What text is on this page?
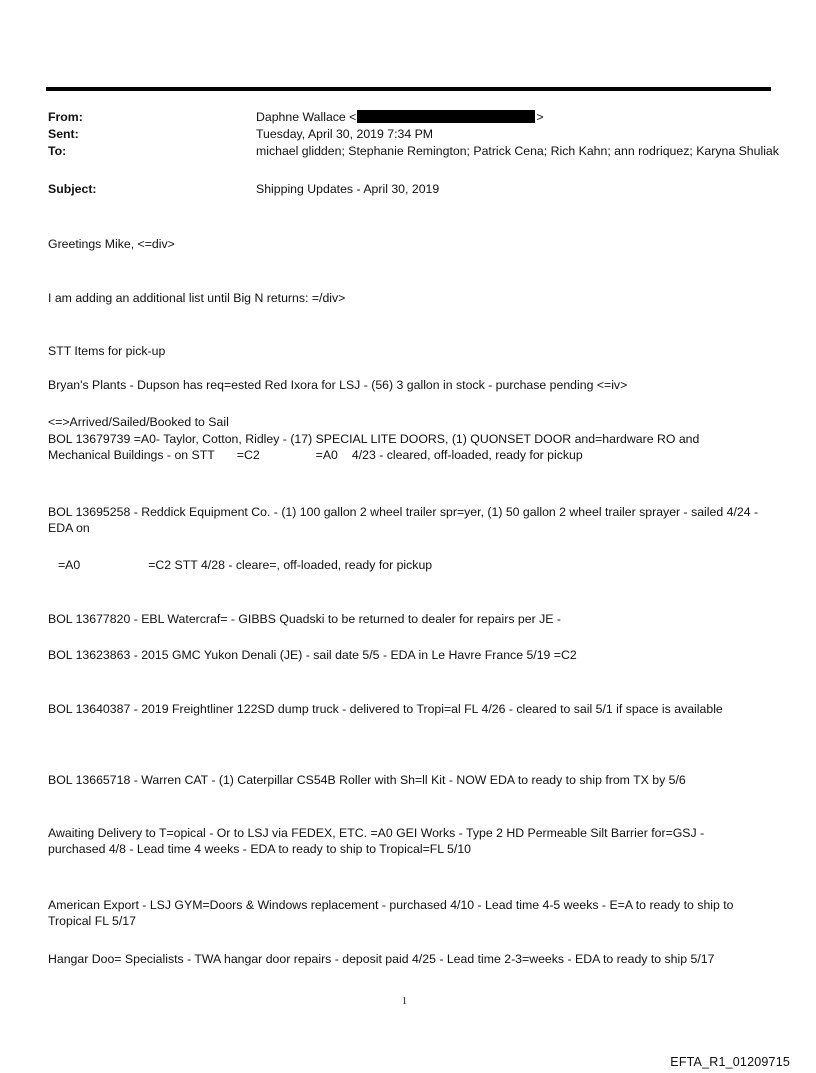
From:	Daphne Wallace <	>
Sent:	Tuesday, April 30, 2019 7:34 PM
To:	michael glidden; Stephanie Remington; Patrick Cena; Rich Kahn; ann rodriquez; Karyna Shuliak
Subject:	Shipping Updates - April 30, 2019

Greetings Mike, <=div>

I am adding an additional list until Big N returns: =/div>

STT Items for pick-up

Bryan's Plants - Dupson has req=ested Red Ixora for LSJ - (56) 3 gallon in stock - purchase pending <=iv>

<=>Arrived/Sailed/Booked to Sail

BOL 13679739 =A0- Taylor, Cotton, Ridley - (17) SPECIAL LITE DOORS, (1) QUONSET DOOR and=hardware RO and Mechanical Buildings - on STT =C2	=A0 4/23 - cleared, off-loaded, ready for pickup

BOL 13695258 - Reddick Equipment Co. - (1) 100 gallon 2 wheel trailer spr=yer, (1) 50 gallon 2 wheel trailer sprayer - sailed 4/24 - EDA on

=A0	=C2 STT 4/28 - cleare=, off-loaded, ready for pickup

BOL 13677820 - EBL Watercraf= - GIBBS Quadski to be returned to dealer for repairs per JE -

BOL 13623863 - 2015 GMC Yukon Denali (JE) - sail date 5/5 - EDA in Le Havre France 5/19 =C2

BOL 13640387 - 2019 Freightliner 122SD dump truck - delivered to Tropi=al FL 4/26 - cleared to sail 5/1 if space is available

BOL 13665718 - Warren CAT - (1) Caterpillar CS54B Roller with Sh=ll Kit - NOW EDA to ready to ship from TX by 5/6

Awaiting Delivery to T=opical - Or to LSJ via FEDEX, ETC. =A0 GEI Works - Type 2 HD Permeable Silt Barrier for=GSJ - purchased 4/8 - Lead time 4 weeks - EDA to ready to ship to Tropical=FL 5/10

American Export - LSJ GYM=Doors & Windows replacement - purchased 4/10 - Lead time 4-5 weeks - E=A to ready to ship to Tropical FL 5/17

Hangar Doo= Specialists - TWA hangar door repairs - deposit paid 4/25 - Lead time 2-3=weeks - EDA to ready to ship 5/17

1
EFTA_R1_01209715
